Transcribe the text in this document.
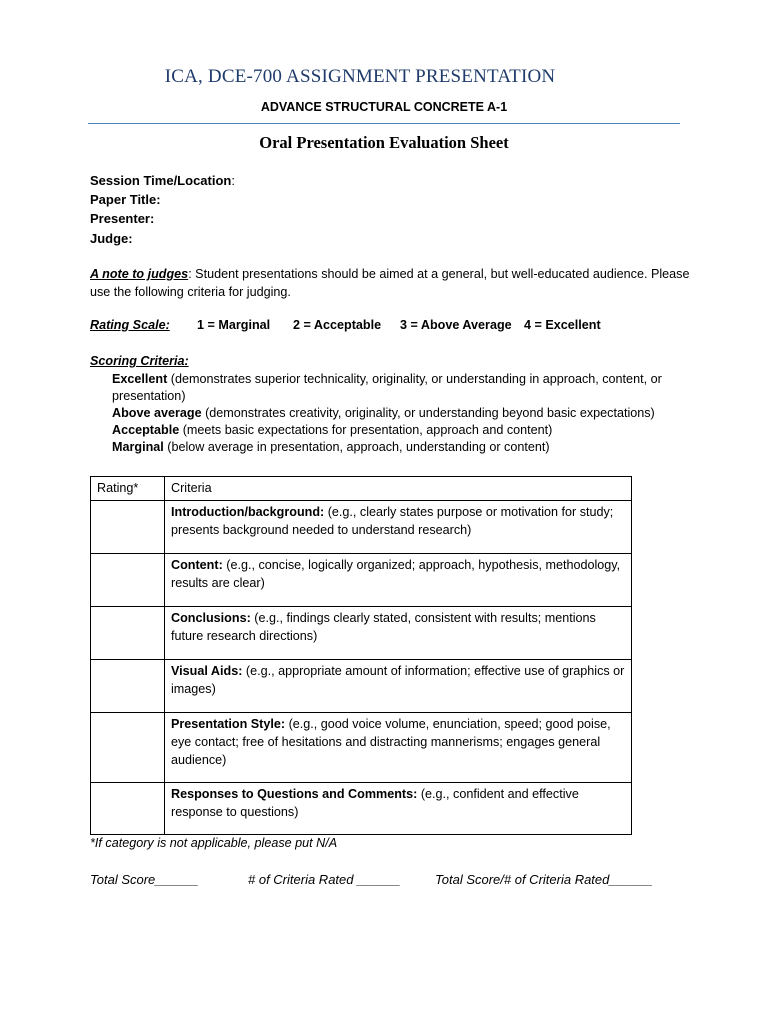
ICA, DCE-700 ASSIGNMENT PRESENTATION
ADVANCE STRUCTURAL CONCRETE A-1
Oral Presentation Evaluation Sheet
Session Time/Location:
Paper Title:
Presenter:
Judge:
A note to judges: Student presentations should be aimed at a general, but well-educated audience. Please use the following criteria for judging.
Rating Scale: 1 = Marginal 2 = Acceptable 3 = Above Average 4 = Excellent
Scoring Criteria:
Excellent (demonstrates superior technicality, originality, or understanding in approach, content, or presentation)
Above average (demonstrates creativity, originality, or understanding beyond basic expectations)
Acceptable (meets basic expectations for presentation, approach and content)
Marginal (below average in presentation, approach, understanding or content)
Rating*	Criteria
	Introduction/background: (e.g., clearly states purpose or motivation for study; presents background needed to understand research)
	Content: (e.g., concise, logically organized; approach, hypothesis, methodology, results are clear)
	Conclusions: (e.g., findings clearly stated, consistent with results; mentions future research directions)
	Visual Aids: (e.g., appropriate amount of information; effective use of graphics or images)
	Presentation Style: (e.g., good voice volume, enunciation, speed; good poise, eye contact; free of hesitations and distracting mannerisms; engages general audience)
	Responses to Questions and Comments: (e.g., confident and effective response to questions)
*If category is not applicable, please put N/A
Total Score______	# of Criteria Rated ______	Total Score/# of Criteria Rated______
